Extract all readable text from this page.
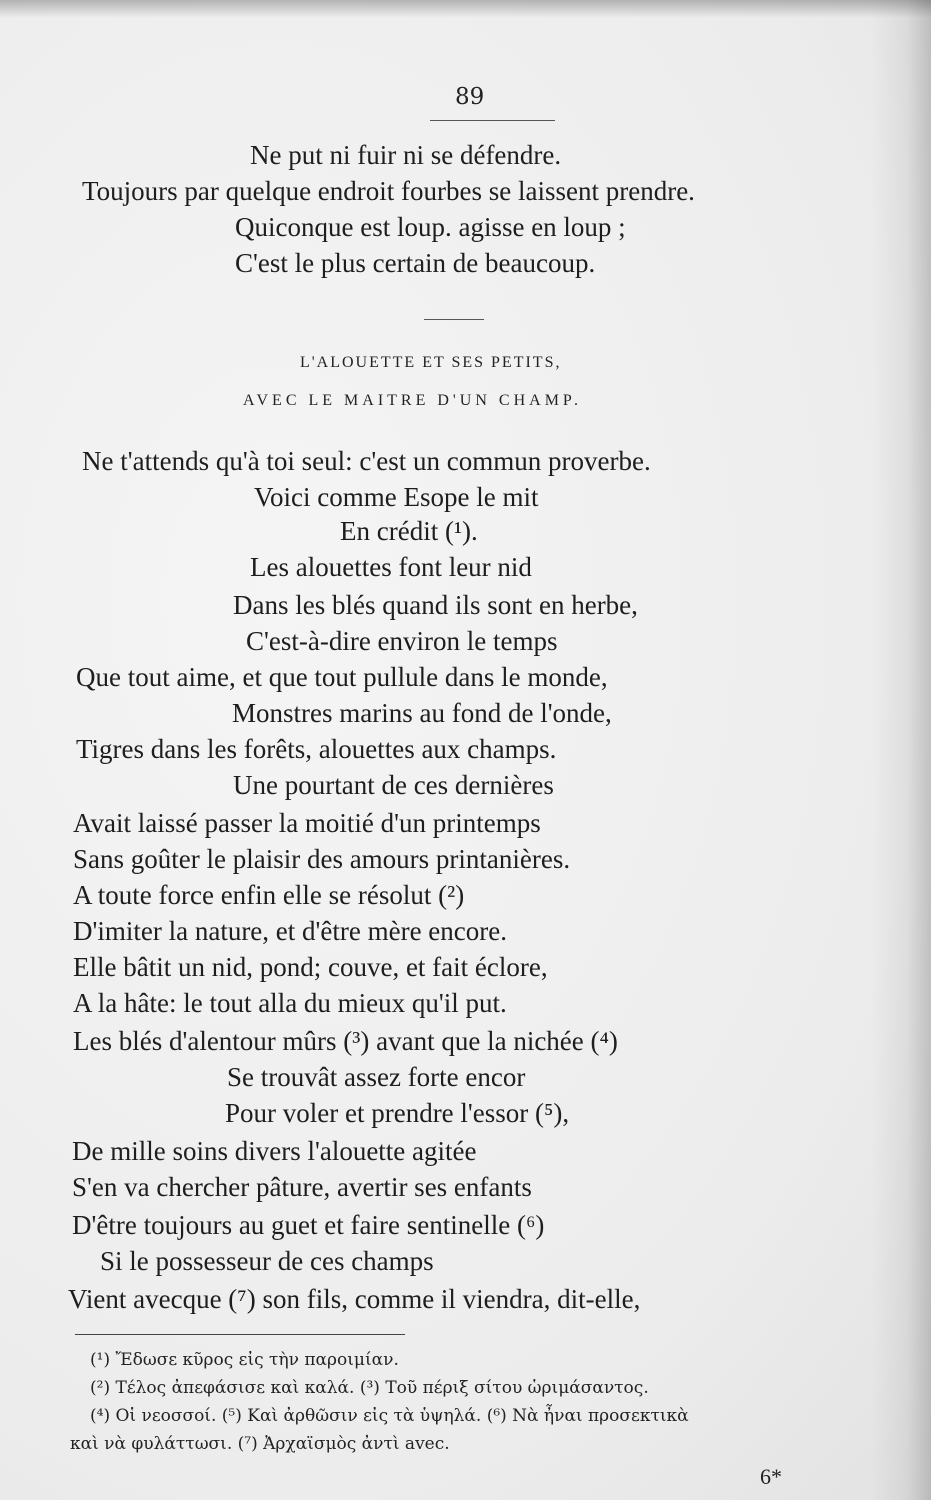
89
Ne put ni fuir ni se défendre.
Toujours par quelque endroit fourbes se laissent prendre.
Quiconque est loup. agisse en loup ;
C'est le plus certain de beaucoup.
L'ALOUETTE ET SES PETITS,
AVEC LE MAITRE D'UN CHAMP.
Ne t'attends qu'à toi seul: c'est un commun proverbe.
Voici comme Esope le mit
En crédit (¹).
Les alouettes font leur nid
Dans les blés quand ils sont en herbe,
C'est-à-dire environ le temps
Que tout aime, et que tout pullule dans le monde,
Monstres marins au fond de l'onde,
Tigres dans les forêts, alouettes aux champs.
Une pourtant de ces dernières
Avait laissé passer la moitié d'un printemps
Sans goûter le plaisir des amours printanières.
A toute force enfin elle se résolut (²)
D'imiter la nature, et d'être mère encore.
Elle bâtit un nid, pond; couve, et fait éclore,
A la hâte: le tout alla du mieux qu'il put.
Les blés d'alentour mûrs (³) avant que la nichée (⁴)
Se trouvât assez forte encor
Pour voler et prendre l'essor (⁵),
De mille soins divers l'alouette agitée
S'en va chercher pâture, avertir ses enfants
D'être toujours au guet et faire sentinelle (⁶)
Si le possesseur de ces champs
Vient avecque (⁷) son fils, comme il viendra, dit-elle,
(¹) Ἔδωσε κῦρος εἰς τὴν παροιμίαν.
(²) Τέλος ἀπεφάσισε καὶ καλά. (³) Τοῦ πέριξ σίτου ὡριμάσαντος.
(⁴) Οἱ νεοσσοί. (⁵) Καὶ ἀρθῶσιν εἰς τὰ ὑψηλά. (⁶) Νὰ ἦναι προσεκτικὰ
καὶ νὰ φυλάττωσι. (⁷) Ἀρχαϊσμὸς ἀντὶ avec.
6*
